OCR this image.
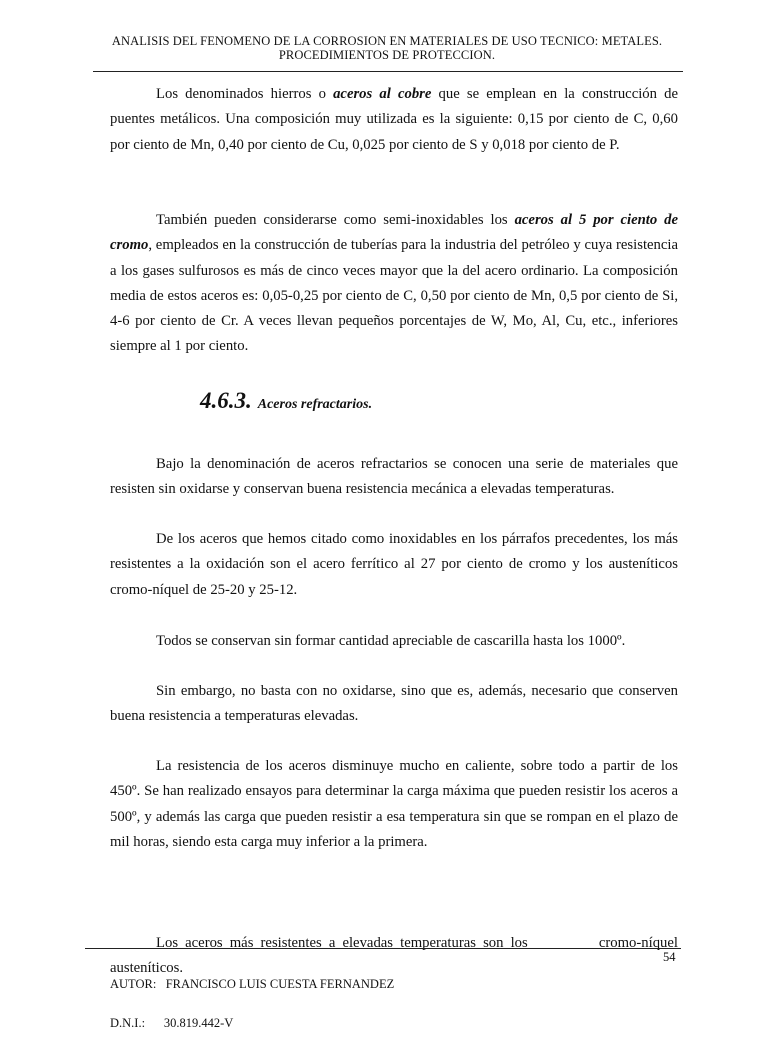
ANALISIS DEL FENOMENO DE LA CORROSION EN MATERIALES DE USO TECNICO: METALES.
PROCEDIMIENTOS DE PROTECCION.

Los denominados hierros o aceros al cobre que se emplean en la construcción de puentes metálicos. Una composición muy utilizada es la siguiente: 0,15 por ciento de C, 0,60 por ciento de Mn, 0,40 por ciento de Cu, 0,025 por ciento de S y 0,018 por ciento de P.

También pueden considerarse como semi-inoxidables los aceros al 5 por ciento de cromo, empleados en la construcción de tuberías para la industria del petróleo y cuya resistencia a los gases sulfurosos es más de cinco veces mayor que la del acero ordinario. La composición media de estos aceros es: 0,05-0,25 por ciento de C, 0,50 por ciento de Mn, 0,5 por ciento de Si, 4-6 por ciento de Cr. A veces llevan pequeños porcentajes de W, Mo, Al, Cu, etc., inferiores siempre al 1 por ciento.

4.6.3. Aceros refractarios.

Bajo la denominación de aceros refractarios se conocen una serie de materiales que resisten sin oxidarse y conservan buena resistencia mecánica a elevadas temperaturas.

De los aceros que hemos citado como inoxidables en los párrafos precedentes, los más resistentes a la oxidación son el acero ferrítico al 27 por ciento de cromo y los austeníticos cromo-níquel de 25-20 y 25-12.

Todos se conservan sin formar cantidad apreciable de cascarilla hasta los 1000º.

Sin embargo, no basta con no oxidarse, sino que es, además, necesario que conserven buena resistencia a temperaturas elevadas.

La resistencia de los aceros disminuye mucho en caliente, sobre todo a partir de los 450º. Se han realizado ensayos para determinar la carga máxima que pueden resistir los aceros a 500º, y además las carga que pueden resistir a esa temperatura sin que se rompan en el plazo de mil horas, siendo esta carga muy inferior a la primera.

Los aceros más resistentes a elevadas temperaturas son los          cromo-níquel austeníticos.

AUTOR: FRANCISCO LUIS CUESTA FERNANDEZ

D.N.I.: 30.819.442-V

54
